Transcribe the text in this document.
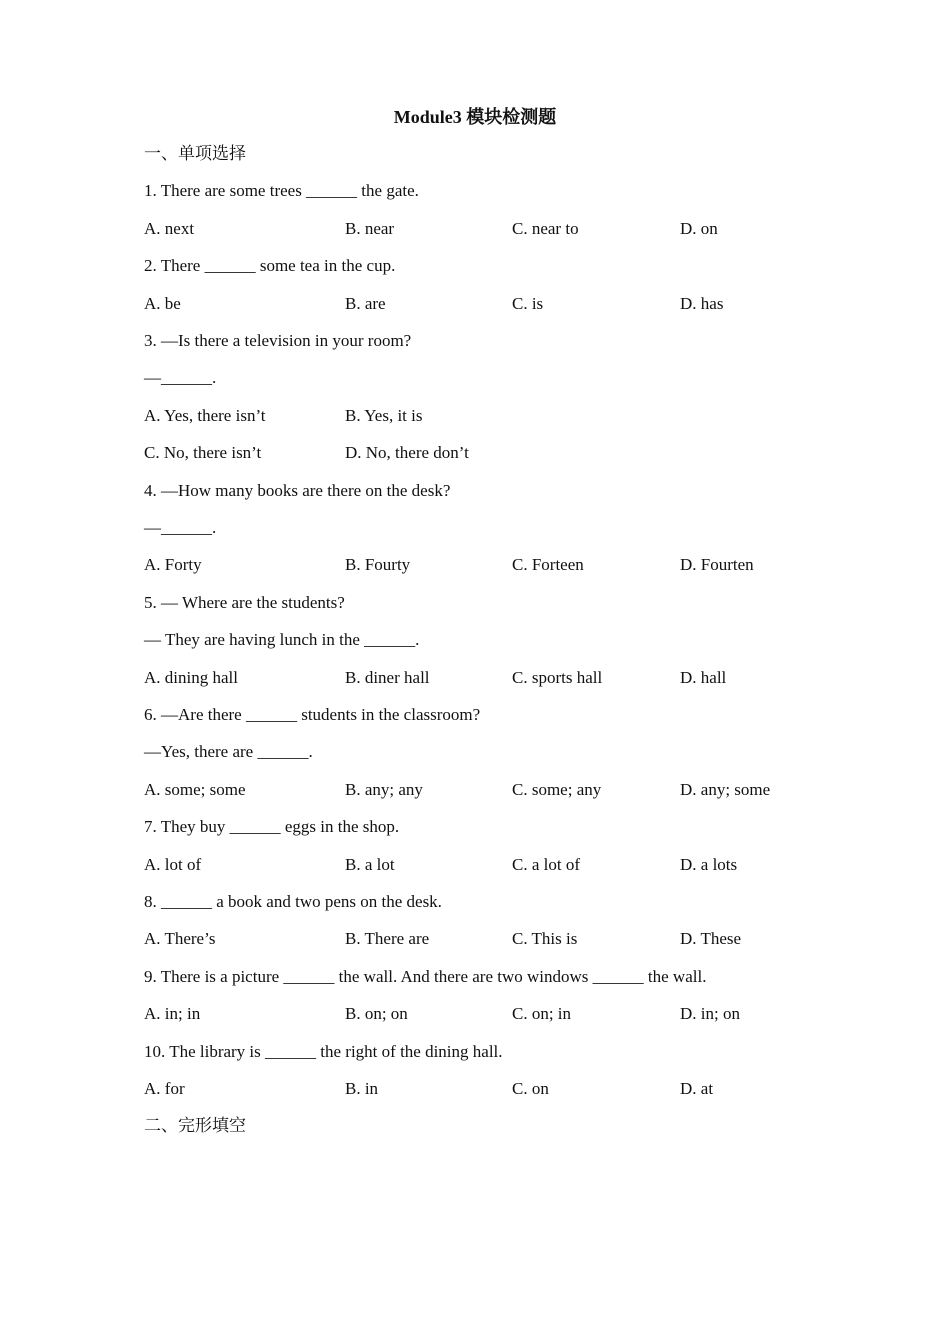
Module3 模块检测题
一、单项选择
1. There are some trees ______ the gate.
A. next	B. near	C. near to	D. on
2. There ______ some tea in the cup.
A. be	B. are	C. is	D. has
3. —Is there a television in your room?
—______.
A. Yes, there isn’t	B. Yes, it is
C. No, there isn’t	D. No, there don’t
4. —How many books are there on the desk?
—______.
A. Forty	B. Fourty	C. Forteen	D. Fourten
5. — Where are the students?
— They are having lunch in the ______.
A. dining hall	B. diner hall	C. sports hall	D. hall
6. —Are there ______ students in the classroom?
—Yes, there are ______.
A. some; some	B. any; any	C. some; any	D. any; some
7. They buy ______ eggs in the shop.
A. lot of	B. a lot	C. a lot of	D. a lots
8. ______ a book and two pens on the desk.
A. There’s	B. There are	C. This is	D. These
9. There is a picture ______ the wall. And there are two windows ______ the wall.
A. in; in	B. on; on	C. on; in	D. in; on
10. The library is ______ the right of the dining hall.
A. for	B. in	C. on	D. at
二、完形填空
